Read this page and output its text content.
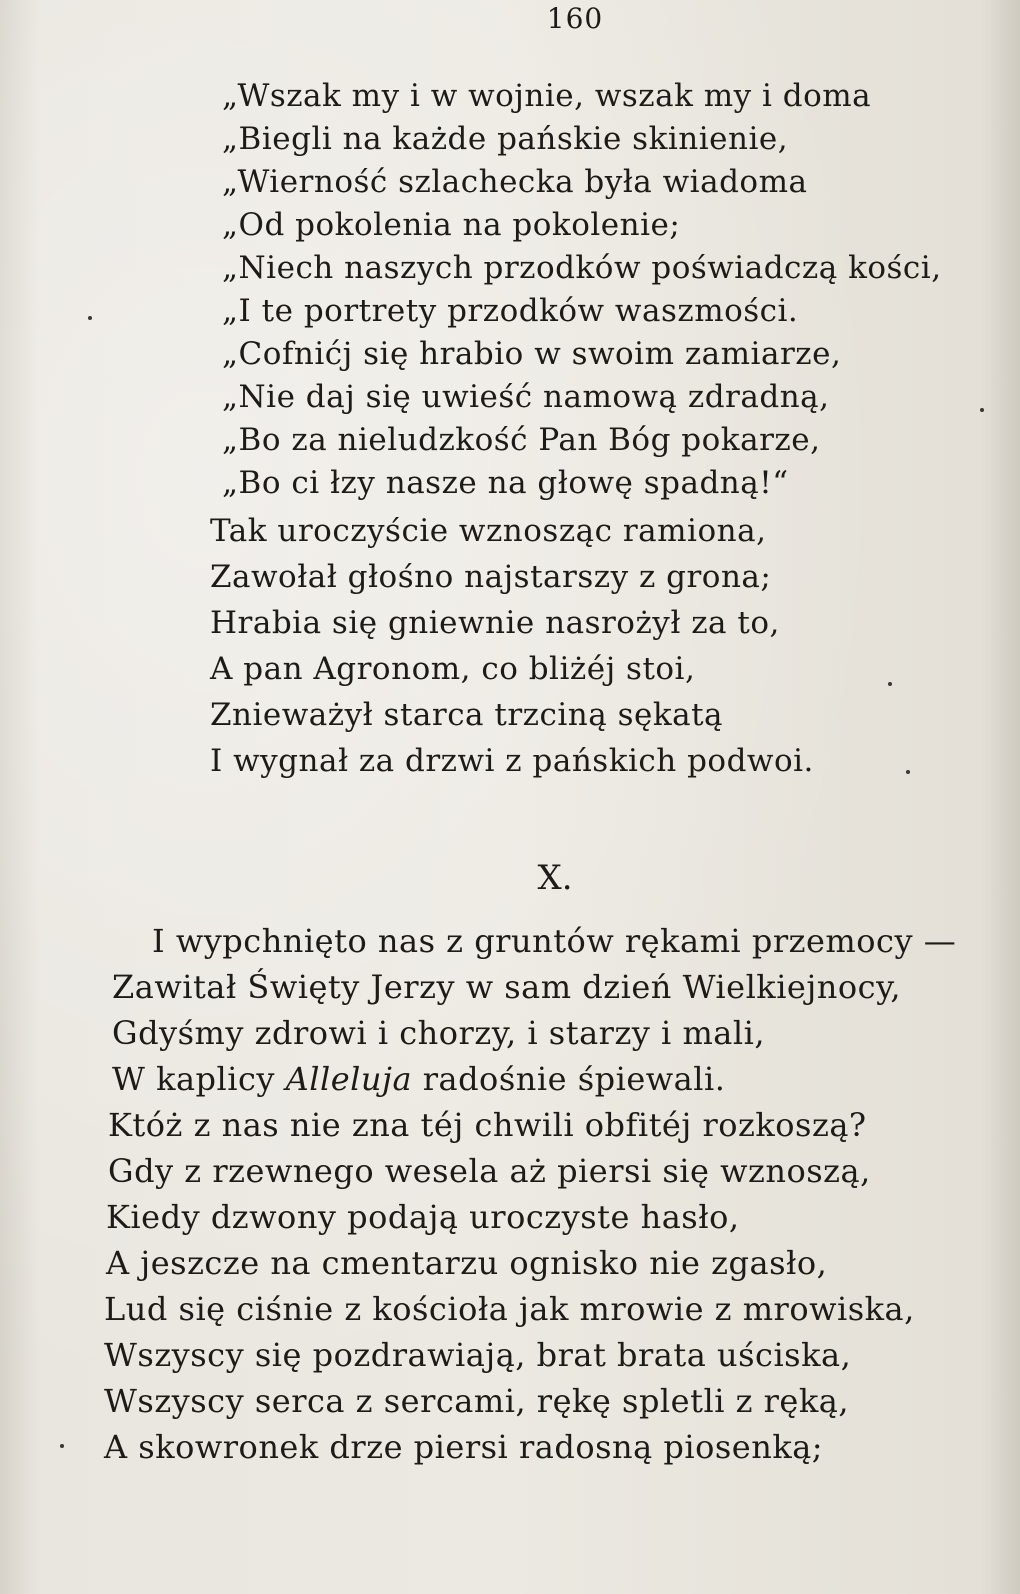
160
„Wszak my i w wojnie, wszak my i doma
„Biegli na każde pańskie skinienie,
„Wierność szlachecka była wiadoma
„Od pokolenia na pokolenie;
„Niech naszych przodków poświadczą kości,
„I te portrety przodków waszmości.
„Cofnićj się hrabio w swoim zamiarze,
„Nie daj się uwieść namową zdradną,
„Bo za nieludzkość Pan Bóg pokarze,
„Bo ci łzy nasze na głowę spadną!“
Tak uroczyście wznosząc ramiona,
Zawołał głośno najstarszy z grona;
Hrabia się gniewnie nasrożył za to,
A pan Agronom, co bliżéj stoi,
Znieważył starca trzciną sękatą
I wygnał za drzwi z pańskich podwoi.
X.
I wypchnięto nas z gruntów rękami przemocy —
Zawitał Święty Jerzy w sam dzień Wielkiejnocy,
Gdyśmy zdrowi i chorzy, i starzy i mali,
W kaplicy Alleluja radośnie śpiewali.
Któż z nas nie zna téj chwili obfitéj rozkoszą?
Gdy z rzewnego wesela aż piersi się wznoszą,
Kiedy dzwony podają uroczyste hasło,
A jeszcze na cmentarzu ognisko nie zgasło,
Lud się ciśnie z kościoła jak mrowie z mrowiska,
Wszyscy się pozdrawiają, brat brata uściska,
Wszyscy serca z sercami, rękę spletli z ręką,
A skowronek drze piersi radosną piosenką;
